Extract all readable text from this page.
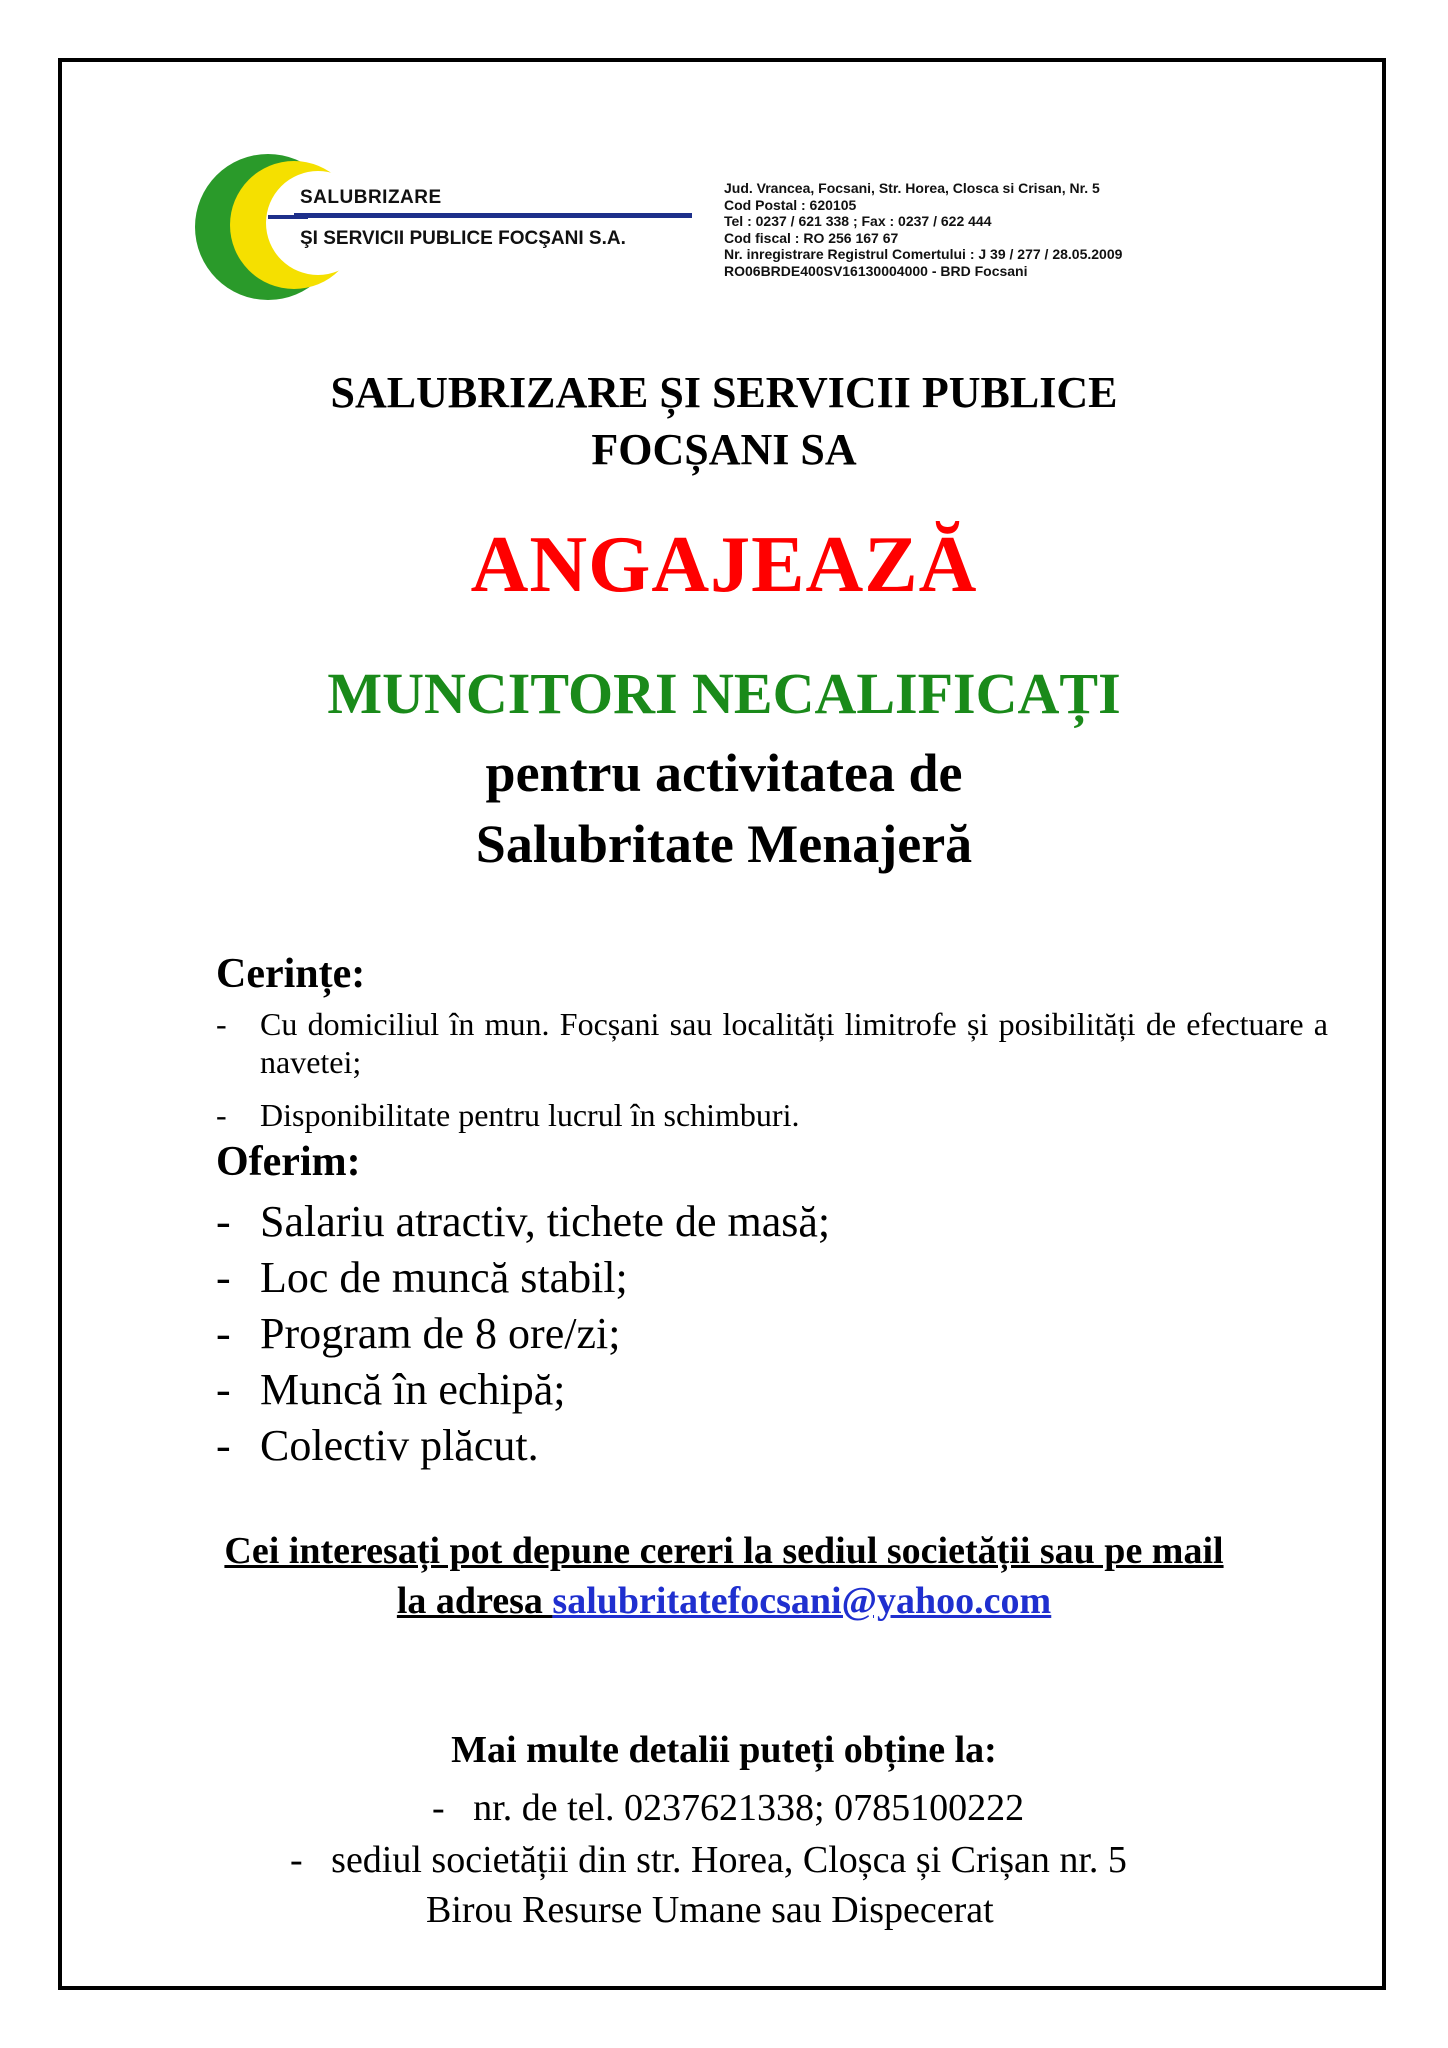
SALUBRIZARE
ŞI SERVICII PUBLICE FOCŞANI S.A.
Jud. Vrancea, Focsani, Str. Horea, Closca si Crisan, Nr. 5
Cod Postal : 620105
Tel : 0237 / 621 338 ; Fax : 0237 / 622 444
Cod fiscal : RO 256 167 67
Nr. inregistrare Registrul Comertului : J 39 / 277 / 28.05.2009
RO06BRDE400SV16130004000 - BRD Focsani
SALUBRIZARE ȘI SERVICII PUBLICE
FOCȘANI SA
ANGAJEAZĂ
MUNCITORI NECALIFICAȚI
pentru activitatea de
Salubritate Menajeră
Cerințe:
- Cu domiciliul în mun. Focșani sau localități limitrofe și posibilități de efectuare a navetei;
- Disponibilitate pentru lucrul în schimburi.
Oferim:
- Salariu atractiv, tichete de masă;
- Loc de muncă stabil;
- Program de 8 ore/zi;
- Muncă în echipă;
- Colectiv plăcut.
Cei interesați pot depune cereri la sediul societății sau pe mail
la adresa salubritatefocsani@yahoo.com
Mai multe detalii puteți obține la:
- nr. de tel. 0237621338; 0785100222
- sediul societății din str. Horea, Cloșca și Crișan nr. 5
Birou Resurse Umane sau Dispecerat
